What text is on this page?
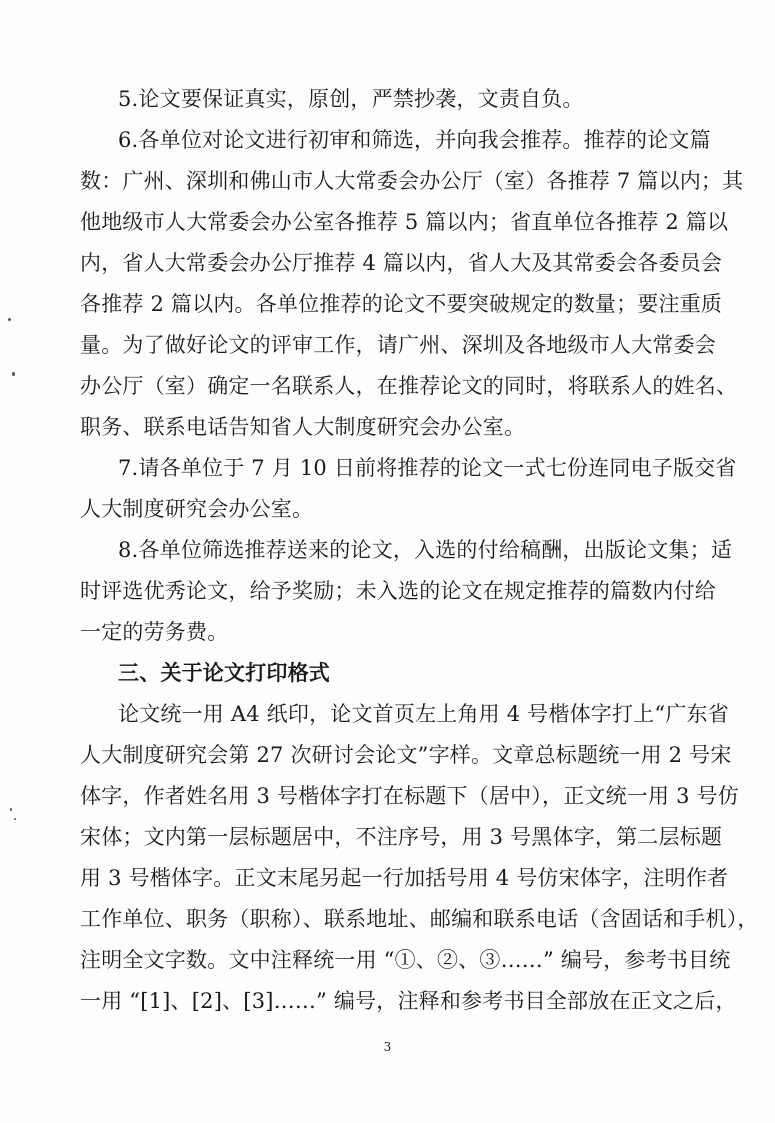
5.论文要保证真实，原创，严禁抄袭，文责自负。

6.各单位对论文进行初审和筛选，并向我会推荐。推荐的论文篇

数：广州、深圳和佛山市人大常委会办公厅（室）各推荐 7 篇以内；其

他地级市人大常委会办公室各推荐 5 篇以内；省直单位各推荐 2 篇以

内，省人大常委会办公厅推荐 4 篇以内，省人大及其常委会各委员会

各推荐 2 篇以内。各单位推荐的论文不要突破规定的数量；要注重质

量。为了做好论文的评审工作，请广州、深圳及各地级市人大常委会

办公厅（室）确定一名联系人，在推荐论文的同时，将联系人的姓名、

职务、联系电话告知省人大制度研究会办公室。

7.请各单位于 7 月 10 日前将推荐的论文一式七份连同电子版交省

人大制度研究会办公室。

8.各单位筛选推荐送来的论文，入选的付给稿酬，出版论文集；适

时评选优秀论文，给予奖励；未入选的论文在规定推荐的篇数内付给

一定的劳务费。

三、关于论文打印格式

论文统一用 A4 纸印，论文首页左上角用 4 号楷体字打上“广东省

人大制度研究会第 27 次研讨会论文”字样。文章总标题统一用 2 号宋

体字，作者姓名用 3 号楷体字打在标题下（居中），正文统一用 3 号仿

宋体；文内第一层标题居中，不注序号，用 3 号黑体字，第二层标题

用 3 号楷体字。正文末尾另起一行加括号用 4 号仿宋体字，注明作者

工作单位、职务（职称）、联系地址、邮编和联系电话（含固话和手机），

注明全文字数。文中注释统一用 “①、②、③……” 编号，参考书目统

一用 “[1]、[2]、[3]……” 编号，注释和参考书目全部放在正文之后，

3
